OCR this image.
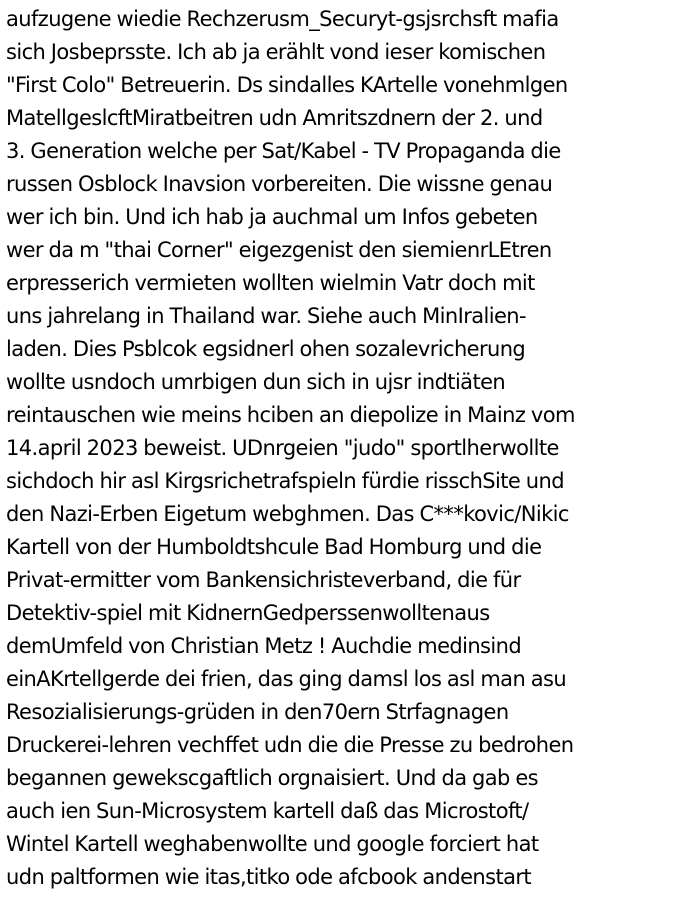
aufzugene wiedie Rechzerusm_Securyt-gsjsrchsft mafia
sich Josbeprsste. Ich ab ja erählt vond ieser komischen
"First Colo" Betreuerin. Ds sindalles KArtelle vonehmlgen
MatellgeslcftMiratbeitren udn Amritszdnern der 2. und
3. Generation welche per Sat/Kabel - TV Propaganda die
russen Osblock Inavsion vorbereiten. Die wissne genau
wer ich bin. Und ich hab ja auchmal um Infos gebeten
wer da m "thai Corner" eigezgenist den siemienrLEtren
erpresserich vermieten wollten wielmin Vatr doch mit
uns jahrelang in Thailand war. Siehe auch MinIralien-
laden. Dies Psblcok egsidnerl ohen sozalevricherung
wollte usndoch umrbigen dun sich in ujsr indtiäten
reintauschen wie meins hciben an diepolize in Mainz vom
14.april 2023 beweist. UDnrgeien "judo" sportlherwollte
sichdoch hir asl Kirgsrichetrafspieln fürdie risschSite und
den Nazi-Erben Eigetum webghmen. Das C***kovic/Nikic
Kartell von der Humboldtshcule Bad Homburg und die
Privat-ermitter vom Bankensichristeverband, die für
Detektiv-spiel mit KidnernGedperssenwolltenaus
demUmfeld von Christian Metz ! Auchdie medinsind
einAKrtellgerde dei frien, das ging damsl los asl man asu
Resozialisierungs-grüden in den70ern Strfagnagen
Druckerei-lehren vechffet udn die die Presse zu bedrohen
begannen geweksсgaftlich orgnaisiert. Und da gab es
auch ien Sun-Microsystem kartell daß das Microstoft/
Wintel Kartell weghabenwollte und google forciert hat
udn paltformen wie itas,titko ode afcbook andenstart
